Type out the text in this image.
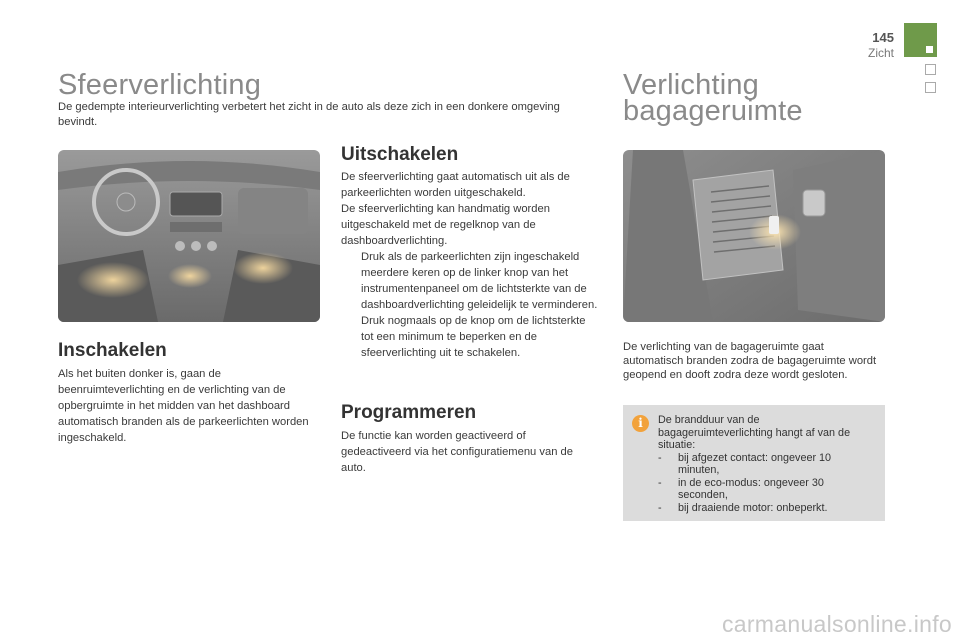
145
Zicht
Sfeerverlichting
De gedempte interieurverlichting verbetert het zicht in de auto als deze zich in een donkere omgeving bevindt.
Inschakelen
Als het buiten donker is, gaan de beenruimteverlichting en de verlichting van de opbergruimte in het midden van het dashboard automatisch branden als de parkeerlichten worden ingeschakeld.
Uitschakelen
De sfeerverlichting gaat automatisch uit als de parkeerlichten worden uitgeschakeld.
De sfeerverlichting kan handmatig worden uitgeschakeld met de regelknop van de dashboardverlichting.
Druk als de parkeerlichten zijn ingeschakeld meerdere keren op de linker knop van het instrumentenpaneel om de lichtsterkte van de dashboardverlichting geleidelijk te verminderen.
Druk nogmaals op de knop om de lichtsterkte tot een minimum te beperken en de sfeerverlichting uit te schakelen.
Programmeren
De functie kan worden geactiveerd of gedeactiveerd via het configuratiemenu van de auto.
Verlichting
bagageruimte
De verlichting van de bagageruimte gaat automatisch branden zodra de bagageruimte wordt geopend en dooft zodra deze wordt gesloten.
i	De brandduur van de bagageruimteverlichting hangt af van de situatie:
- bij afgezet contact: ongeveer 10 minuten,
- in de eco-modus: ongeveer 30 seconden,
- bij draaiende motor: onbeperkt.
carmanualsonline.info
